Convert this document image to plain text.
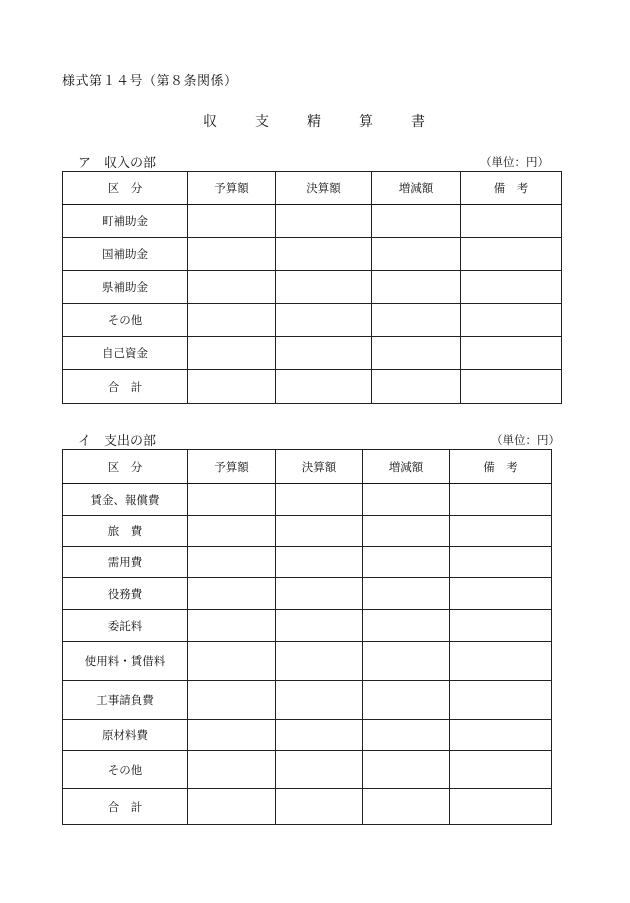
様式第１４号（第８条関係）
収　支　精　算　書
ア　収入の部	（単位：円）
区　分	予算額	決算額	増減額	備　考
町補助金				
国補助金				
県補助金				
その他				
自己資金				
合　計				
イ　支出の部	（単位：円）
区　分	予算額	決算額	増減額	備　考
賃金、報償費				
旅　費				
需用費				
役務費				
委託料				
使用料・賃借料				
工事請負費				
原材料費				
その他				
合　計				
